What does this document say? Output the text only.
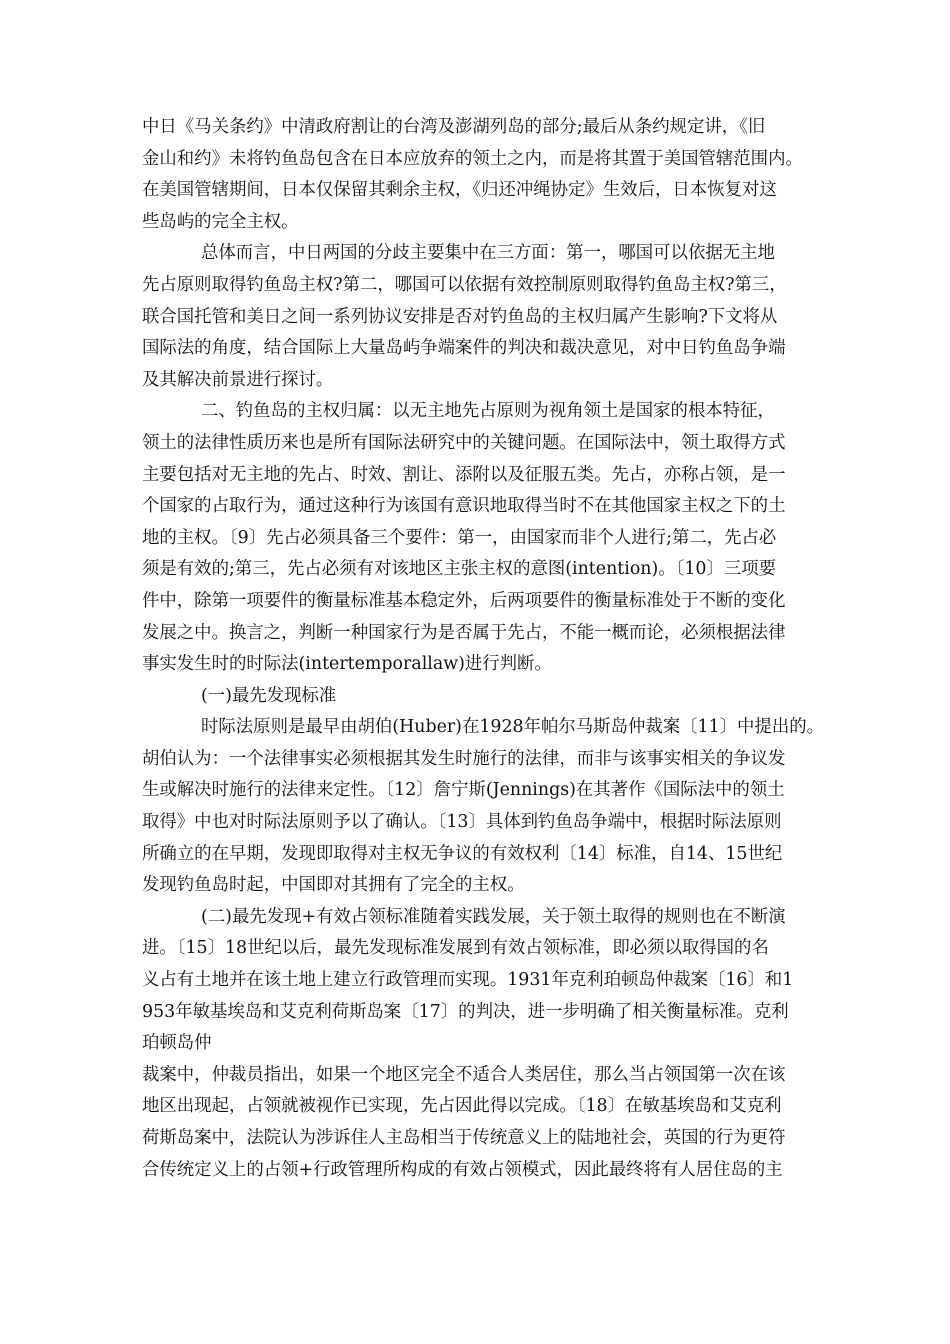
中日《马关条约》中清政府割让的台湾及澎湖列岛的部分;最后从条约规定讲，《旧
金山和约》未将钓鱼岛包含在日本应放弃的领土之内，而是将其置于美国管辖范围内。
在美国管辖期间，日本仅保留其剩余主权，《归还冲绳协定》生效后，日本恢复对这
些岛屿的完全主权。
总体而言，中日两国的分歧主要集中在三方面：第一，哪国可以依据无主地
先占原则取得钓鱼岛主权?第二，哪国可以依据有效控制原则取得钓鱼岛主权?第三，
联合国托管和美日之间一系列协议安排是否对钓鱼岛的主权归属产生影响?下文将从
国际法的角度，结合国际上大量岛屿争端案件的判决和裁决意见，对中日钓鱼岛争端
及其解决前景进行探讨。
二、钓鱼岛的主权归属：以无主地先占原则为视角领土是国家的根本特征，
领土的法律性质历来也是所有国际法研究中的关键问题。在国际法中，领土取得方式
主要包括对无主地的先占、时效、割让、添附以及征服五类。先占，亦称占领，是一
个国家的占取行为，通过这种行为该国有意识地取得当时不在其他国家主权之下的土
地的主权。〔9〕先占必须具备三个要件：第一，由国家而非个人进行;第二，先占必
须是有效的;第三，先占必须有对该地区主张主权的意图(intention)。〔10〕三项要
件中，除第一项要件的衡量标准基本稳定外，后两项要件的衡量标准处于不断的变化
发展之中。换言之，判断一种国家行为是否属于先占，不能一概而论，必须根据法律
事实发生时的时际法(intertemporallaw)进行判断。
(一)最先发现标准
时际法原则是最早由胡伯(Huber)在1928年帕尔马斯岛仲裁案〔11〕中提出的。
胡伯认为：一个法律事实必须根据其发生时施行的法律，而非与该事实相关的争议发
生或解决时施行的法律来定性。〔12〕詹宁斯(Jennings)在其著作《国际法中的领土
取得》中也对时际法原则予以了确认。〔13〕具体到钓鱼岛争端中，根据时际法原则
所确立的在早期，发现即取得对主权无争议的有效权利〔14〕标准，自14、15世纪
发现钓鱼岛时起，中国即对其拥有了完全的主权。
(二)最先发现+有效占领标准随着实践发展，关于领土取得的规则也在不断演
进。〔15〕18世纪以后，最先发现标准发展到有效占领标准，即必须以取得国的名
义占有土地并在该土地上建立行政管理而实现。1931年克利珀顿岛仲裁案〔16〕和1
953年敏基埃岛和艾克利荷斯岛案〔17〕的判决，进一步明确了相关衡量标准。克利
珀顿岛仲
裁案中，仲裁员指出，如果一个地区完全不适合人类居住，那么当占领国第一次在该
地区出现起，占领就被视作已实现，先占因此得以完成。〔18〕在敏基埃岛和艾克利
荷斯岛案中，法院认为涉诉住人主岛相当于传统意义上的陆地社会，英国的行为更符
合传统定义上的占领+行政管理所构成的有效占领模式，因此最终将有人居住岛的主
